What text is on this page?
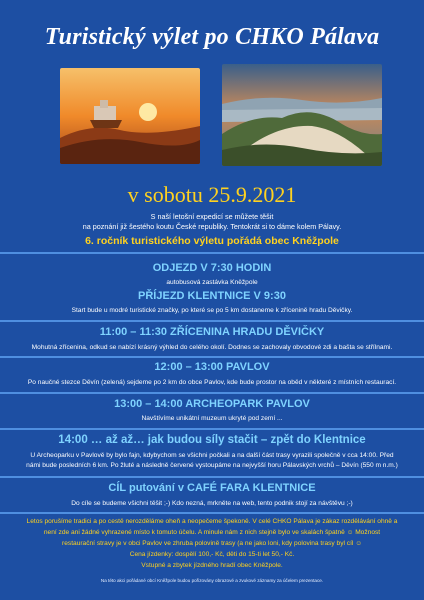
Turistický výlet po CHKO Pálava
v sobotu 25.9.2021
S naší letošní expedicí se můžete těšit
na poznání již šestého koutu České republiky. Tentokrát si to dáme kolem Pálavy.
6. ročník turistického výletu pořádá obec Kněžpole
ODJEZD V 7:30 HODIN
autobusová zastávka Kněžpole
PŘÍJEZD KLENTNICE V 9:30
Start bude u modré turistické značky, po které se po 5 km dostaneme k zřícenině hradu Děvičky.
11:00 – 11:30 ZŘÍCENINA HRADU DĚVIČKY
Mohutná zřícenina, odkud se nabízí krásný výhled do celého okolí. Dodnes se zachovaly obvodové zdi a bašta se střílnami.
12:00 – 13:00 PAVLOV
Po naučné stezce Děvín (zelená) sejdeme po 2 km do obce Pavlov, kde bude prostor na oběd v některé z místních restaurací.
13:00 – 14:00 ARCHEOPARK PAVLOV
Navštívíme unikátní muzeum ukryté pod zemí ...
14:00 … až až… jak budou síly stačit – zpět do Klentnice
U Archeoparku v Pavlově by bylo fajn, kdybychom se všichni počkali a na další část trasy vyrazili společně v cca 14:00. Před
námi bude posledních 6 km. Po žluté a následně červené vystoupáme na nejvyšší horu Pálavských vrchů – Děvín (550 m n.m.)
CÍL putování v CAFÉ FARA KLENTNICE
Do cíle se budeme všichni těšit ;-) Kdo nezná, mrkněte na web, tento podnik stojí za návštěvu ;-)
Letos porušíme tradici a po cestě nerozděláme oheň a neopečeme špekoně. V celé CHKO Pálava je zákaz rozdělávání ohně a
není zde ani žádné vyhrazené místo k tomuto účelu. A minule nám z nich stejně bylo ve skalách špatně ☺ Možnost
restaurační stravy je v obci Pavlov ve zhruba polovině trasy (a ne jako loni, kdy polovina trasy byl cíl ☺
Cena jízdenky: dospělí 100,- Kč, děti do 15-ti let 50,- Kč.
Vstupné a zbytek jízdného hradí obec Kněžpole.
Na této akci pořádané obcí Kněžpole budou pořizovány obrazové a zvukové záznamy za účelem prezentace.
